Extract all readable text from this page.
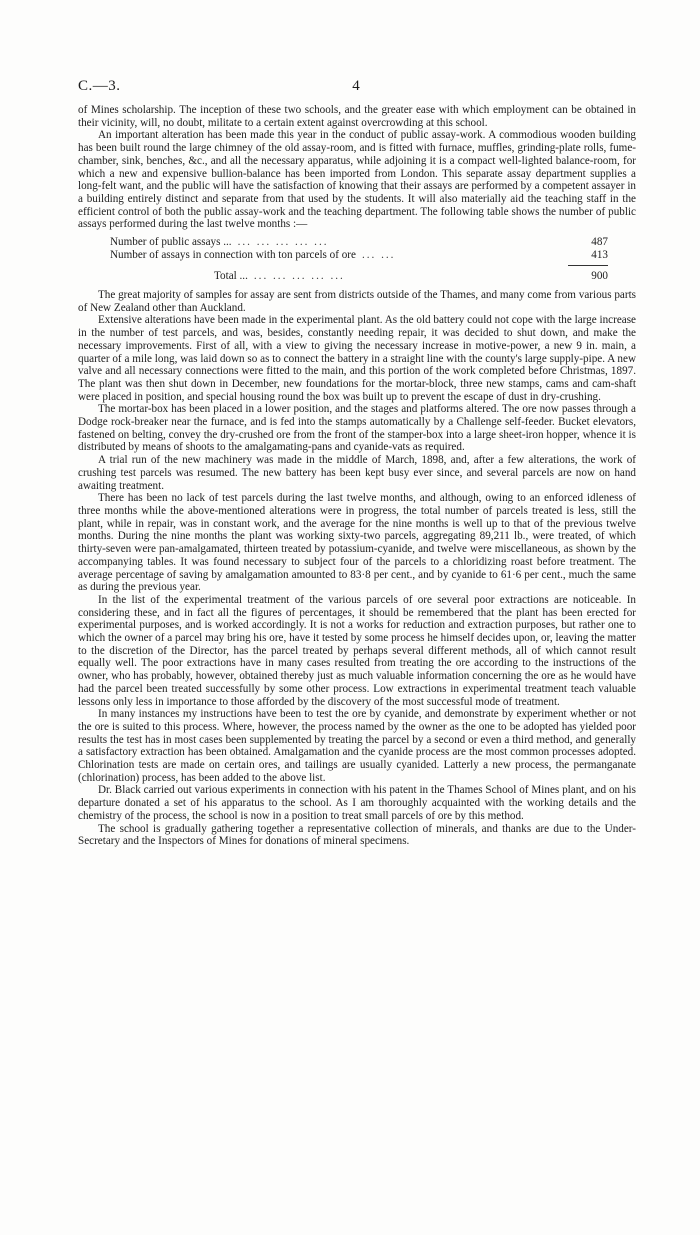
C.—3.	4

of Mines scholarship. The inception of these two schools, and the greater ease with which employment can be obtained in their vicinity, will, no doubt, militate to a certain extent against overcrowding at this school.

An important alteration has been made this year in the conduct of public assay-work. A commodious wooden building has been built round the large chimney of the old assay-room, and is fitted with furnace, muffles, grinding-plate rolls, fume-chamber, sink, benches, &c., and all the necessary apparatus, while adjoining it is a compact well-lighted balance-room, for which a new and expensive bullion-balance has been imported from London. This separate assay department supplies a long-felt want, and the public will have the satisfaction of knowing that their assays are performed by a competent assayer in a building entirely distinct and separate from that used by the students. It will also materially aid the teaching staff in the efficient control of both the public assay-work and the teaching department. The following table shows the number of public assays performed during the last twelve months :—

Number of public assays ... ... ... ... ... ...	487
Number of assays in connection with ton parcels of ore ... ...	413
Total ... ... ... ... ... ...	900

The great majority of samples for assay are sent from districts outside of the Thames, and many come from various parts of New Zealand other than Auckland.

Extensive alterations have been made in the experimental plant. As the old battery could not cope with the large increase in the number of test parcels, and was, besides, constantly needing repair, it was decided to shut down, and make the necessary improvements. First of all, with a view to giving the necessary increase in motive-power, a new 9 in. main, a quarter of a mile long, was laid down so as to connect the battery in a straight line with the county's large supply-pipe. A new valve and all necessary connections were fitted to the main, and this portion of the work completed before Christmas, 1897. The plant was then shut down in December, new foundations for the mortar-block, three new stamps, cams and cam-shaft were placed in position, and special housing round the box was built up to prevent the escape of dust in dry-crushing.

The mortar-box has been placed in a lower position, and the stages and platforms altered. The ore now passes through a Dodge rock-breaker near the furnace, and is fed into the stamps automatically by a Challenge self-feeder. Bucket elevators, fastened on belting, convey the dry-crushed ore from the front of the stamper-box into a large sheet-iron hopper, whence it is distributed by means of shoots to the amalgamating-pans and cyanide-vats as required.

A trial run of the new machinery was made in the middle of March, 1898, and, after a few alterations, the work of crushing test parcels was resumed. The new battery has been kept busy ever since, and several parcels are now on hand awaiting treatment.

There has been no lack of test parcels during the last twelve months, and although, owing to an enforced idleness of three months while the above-mentioned alterations were in progress, the total number of parcels treated is less, still the plant, while in repair, was in constant work, and the average for the nine months is well up to that of the previous twelve months. During the nine months the plant was working sixty-two parcels, aggregating 89,211 lb., were treated, of which thirty-seven were pan-amalgamated, thirteen treated by potassium-cyanide, and twelve were miscellaneous, as shown by the accompanying tables. It was found necessary to subject four of the parcels to a chloridizing roast before treatment. The average percentage of saving by amalgamation amounted to 83·8 per cent., and by cyanide to 61·6 per cent., much the same as during the previous year.

In the list of the experimental treatment of the various parcels of ore several poor extractions are noticeable. In considering these, and in fact all the figures of percentages, it should be remembered that the plant has been erected for experimental purposes, and is worked accordingly. It is not a works for reduction and extraction purposes, but rather one to which the owner of a parcel may bring his ore, have it tested by some process he himself decides upon, or, leaving the matter to the discretion of the Director, has the parcel treated by perhaps several different methods, all of which cannot result equally well. The poor extractions have in many cases resulted from treating the ore according to the instructions of the owner, who has probably, however, obtained thereby just as much valuable information concerning the ore as he would have had the parcel been treated successfully by some other process. Low extractions in experimental treatment teach valuable lessons only less in importance to those afforded by the discovery of the most successful mode of treatment.

In many instances my instructions have been to test the ore by cyanide, and demonstrate by experiment whether or not the ore is suited to this process. Where, however, the process named by the owner as the one to be adopted has yielded poor results the test has in most cases been supplemented by treating the parcel by a second or even a third method, and generally a satisfactory extraction has been obtained. Amalgamation and the cyanide process are the most common processes adopted. Chlorination tests are made on certain ores, and tailings are usually cyanided. Latterly a new process, the permanganate (chlorination) process, has been added to the above list.

Dr. Black carried out various experiments in connection with his patent in the Thames School of Mines plant, and on his departure donated a set of his apparatus to the school. As I am thoroughly acquainted with the working details and the chemistry of the process, the school is now in a position to treat small parcels of ore by this method.

The school is gradually gathering together a representative collection of minerals, and thanks are due to the Under-Secretary and the Inspectors of Mines for donations of mineral specimens.
